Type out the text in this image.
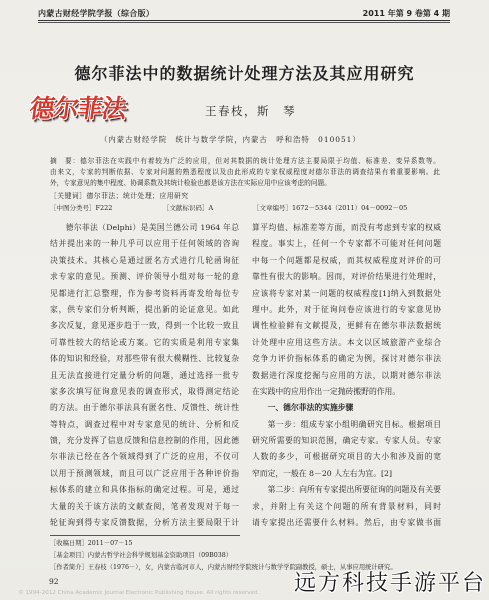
内蒙古财经学院学报（综合版）	2011 年第 9 卷第 4 期
德尔菲法中的数据统计处理方法及其应用研究
德尔菲法	王春枝，斯　琴
（内蒙古财经学院　统计与数学学院，内蒙古　呼和浩特　010051）
摘　要：德尔菲法在实践中有着较为广泛的应用，但对其数据的统计处理方法主要局限于均值、标准差、变异系数等。
由来文，专家的判断依据、专家对问题的熟悉程度以及由此形成的专家权威程度对德尔菲法的调查结果有着重要影响。此
外，专家意见的集中程度、协调系数及其统计检验也都是该方法在实际应用中应该考虑的问题。
［关键词］德尔菲法；统计处理；应用研究
［中图分类号］F222	［文献标识码］A	［文章编号］1672－5344（2011）04－0092－05
德尔菲法（Delphi）是美国兰德公司 1964 年总
结并提出来的一种几乎可以应用于任何领域的咨询
决策技术。其核心是通过匿名方式进行几轮函询征
求专家的意见。预测、评价领导小组对每一轮的意
见都进行汇总整理，作为参考资料再寄发给每位专
家，供专家们分析判断，提出新的论证意见。如此
多次反复，意见逐步趋于一致，得到一个比较一致且
可靠性较大的结论或方案。它的实质是利用专家集
体的知识和经验，对那些带有很大模糊性、比较复杂
且无法直接进行定量分析的问题，通过选择一批专
家多次填写征询意见表的调查形式，取得测定结论
的方法。由于德尔菲法具有匿名性、反馈性、统计性
等特点，调查过程中对专家意见的统计、分析和反
馈，充分发挥了信息反馈和信息控制的作用，因此德
尔菲法已经在各个领域得到了广泛的应用，不仅可
以用于预测领域，而且可以广泛应用于各种评价指
标体系的建立和具体指标的确定过程。可是，通过
大量的关于该方法的文献查阅，笔者发现对于每一
轮征询到得专家反馈数据，分析方法主要局限于计
算平均值、标准差等方面，而没有考虑到专家的权威
程度。事实上，任何一个专家都不可能对任何问题
中每一个问题都是权威，而其权威程度对评价的可
靠性有很大的影响。因而，对评价结果进行处理时，
应该将专家对某一问题的权威程度[1]纳入到数据处
理中。此外，对于征询问卷应该进行的专家意见协
调性检验鲜有文献提及，更鲜有在德尔菲法数据统
计处理中应用这些方法。本文以区域旅游产业综合
竞争力评价指标体系的确定为例，探讨对德尔菲法
数据进行深度挖掘与应用的方法，以期对德尔菲法
在实践中的应用作出一定抛砖搬野的作用。
一、德尔菲法的实施步骤
第一步：组成专家小组明确研究目标。根据项目
研究所需要的知识范围，确定专家。专家人员。专家
人数的多少，可根据研究项目的大小和涉及面的宽
窄而定，一般在 8－20 人左右为宜。[2]
第二步：向所有专家提出所要征询的问题及有关要
求，并附上有关这个问题的所有背景材料，同时
请专家提出还需要什么材料。然后，由专家做书面
［收稿日期］2011－07－15
［基金项目］内蒙古哲学社会科学规划基金资助项目（09B038）
［作者简介］王春枝（1976－），女，内蒙古临河市人，内蒙古财经学院统计与数学学院副教授，硕士，从事应用统计研究。
92
© 1994-2012 China Academic Journal Electronic Publishing House. All rights reserved. 远方科技手游平台
